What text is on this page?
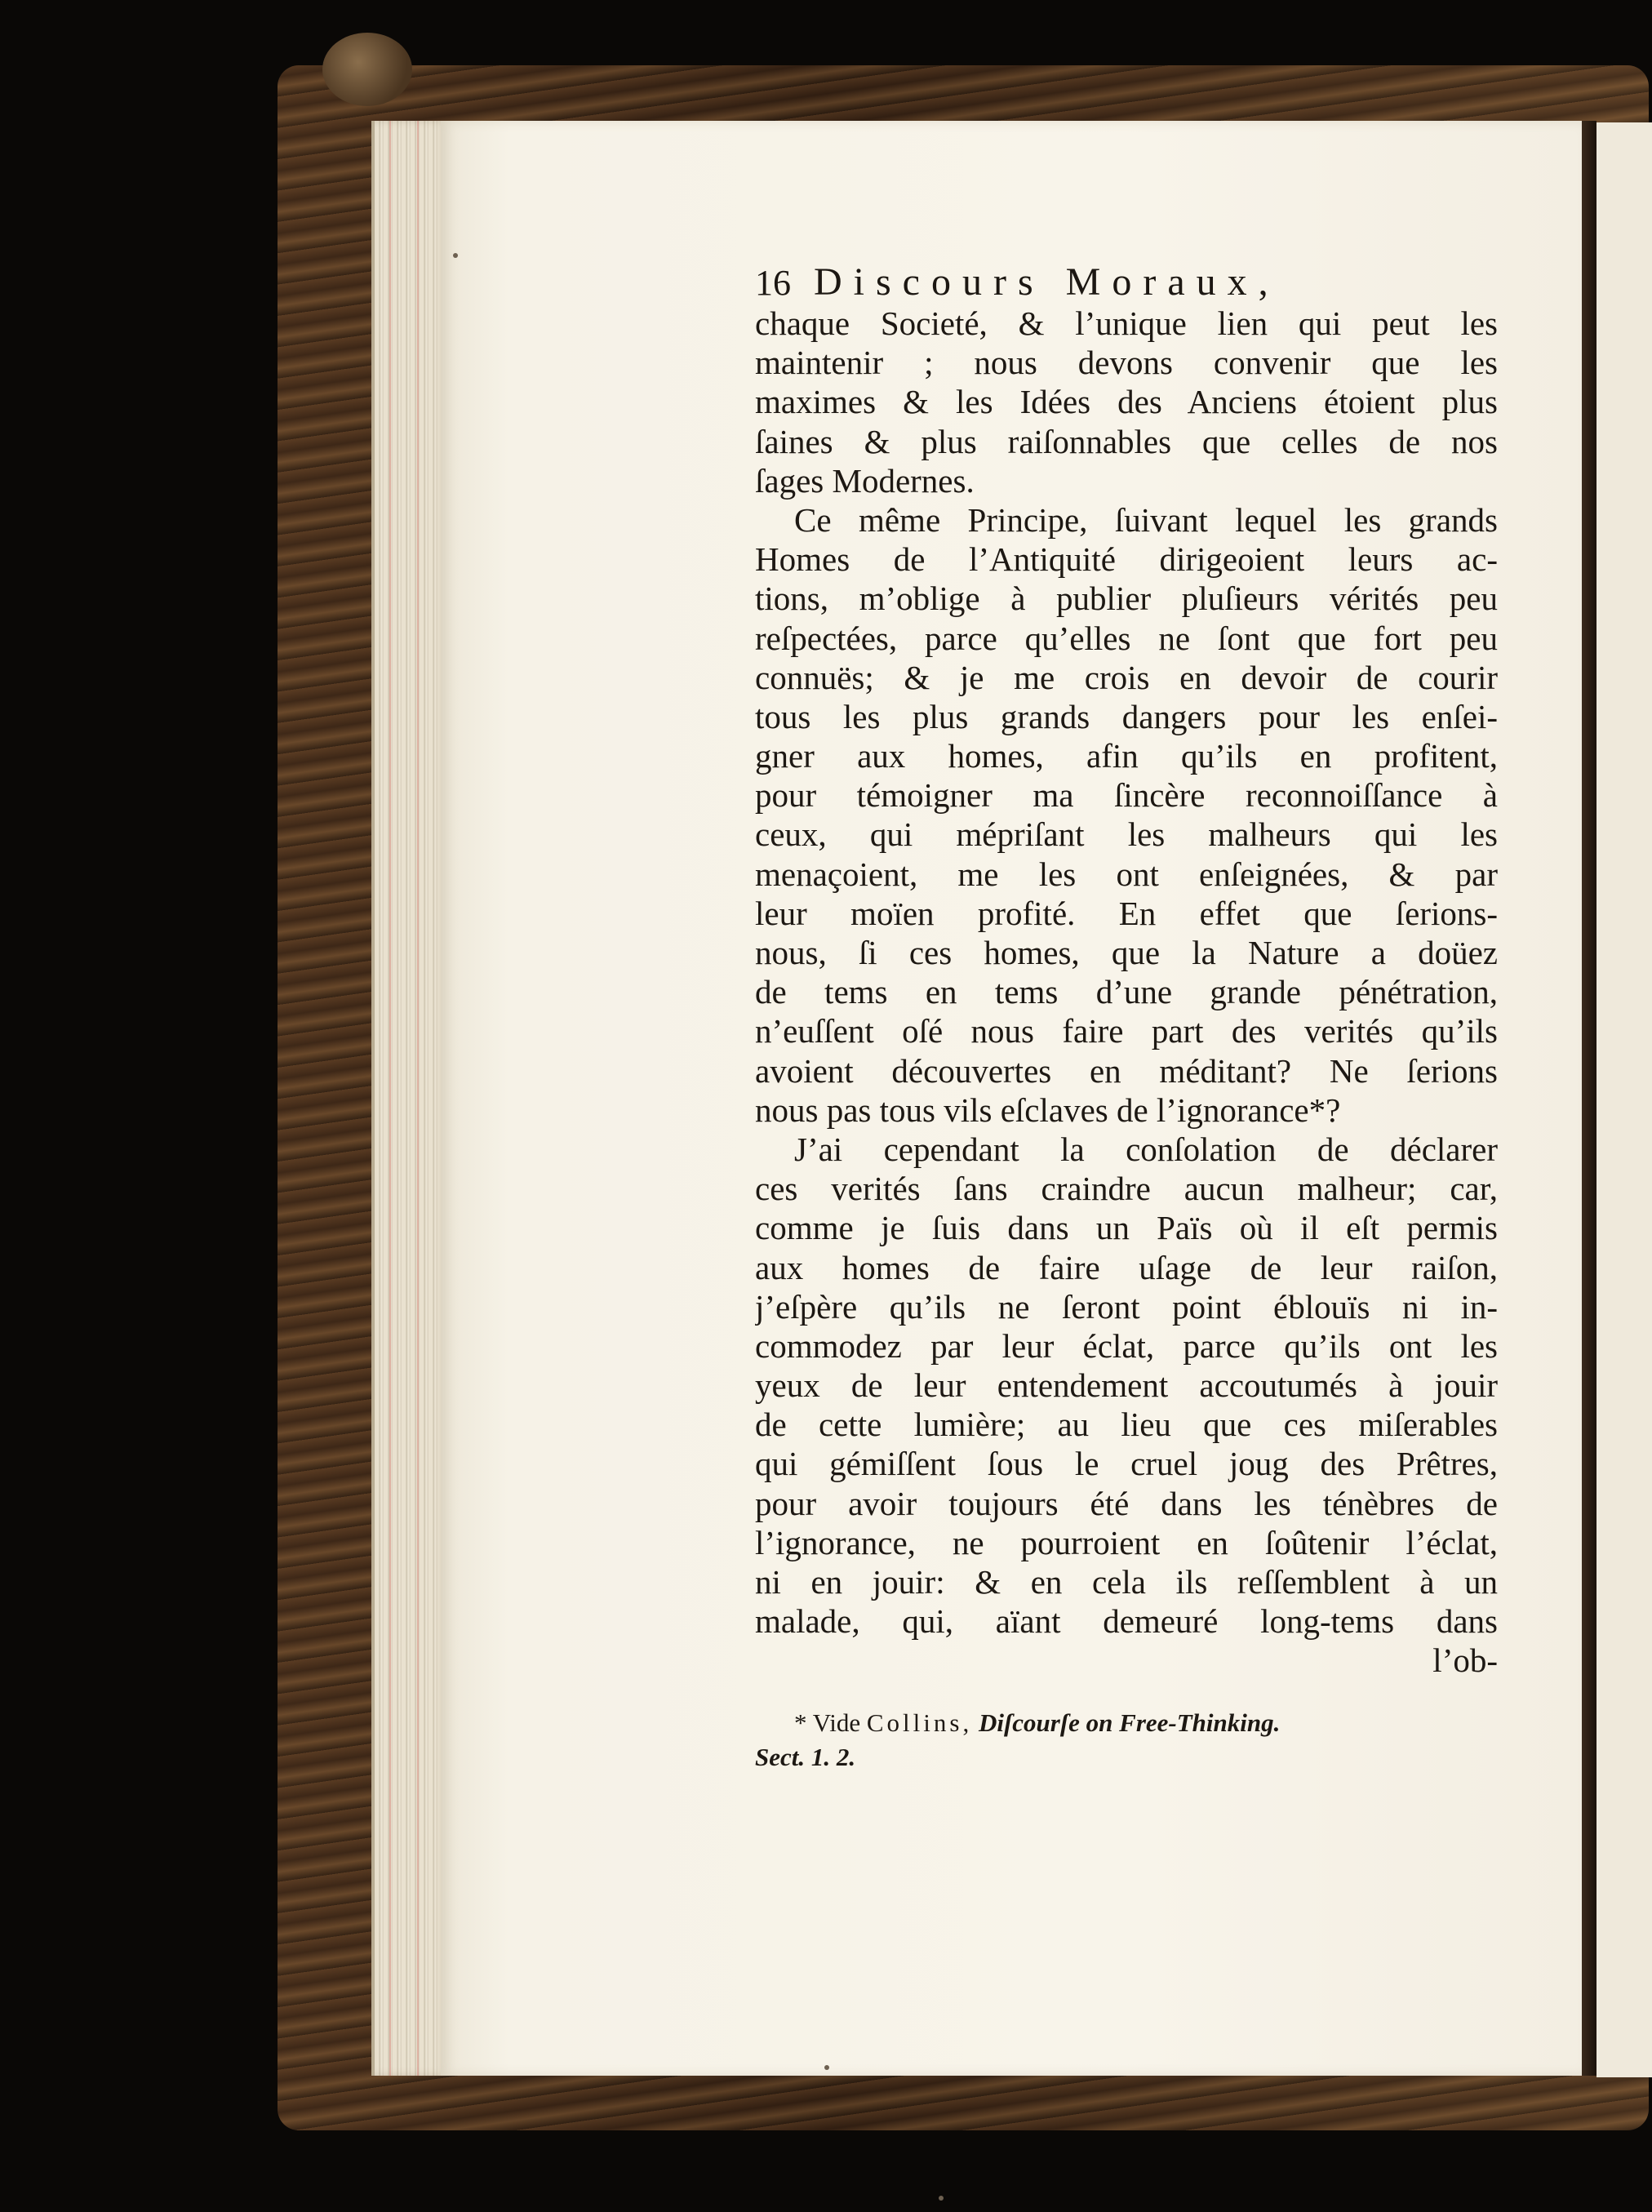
16 Discours Moraux,
chaque Societé, & l’unique lien qui peut les
maintenir ; nous devons convenir que les
maximes & les Idées des Anciens étoient plus
ſaines & plus raiſonnables que celles de nos
ſages Modernes.
Ce même Principe, ſuivant lequel les grands
Homes de l’Antiquité dirigeoient leurs ac-
tions, m’oblige à publier pluſieurs vérités peu
reſpectées, parce qu’elles ne ſont que fort peu
connuës; & je me crois en devoir de courir
tous les plus grands dangers pour les enſei-
gner aux homes, afin qu’ils en profitent,
pour témoigner ma ſincère reconnoiſſance à
ceux, qui mépriſant les malheurs qui les
menaçoient, me les ont enſeignées, & par
leur moïen profité. En effet que ſerions-
nous, ſi ces homes, que la Nature a doüez
de tems en tems d’une grande pénétration,
n’euſſent oſé nous faire part des verités qu’ils
avoient découvertes en méditant? Ne ſerions
nous pas tous vils eſclaves de l’ignorance*?
J’ai cependant la conſolation de déclarer
ces verités ſans craindre aucun malheur; car,
comme je ſuis dans un Païs où il eſt permis
aux homes de faire uſage de leur raiſon,
j’eſpère qu’ils ne ſeront point éblouïs ni in-
commodez par leur éclat, parce qu’ils ont les
yeux de leur entendement accoutumés à jouir
de cette lumière; au lieu que ces miſerables
qui gémiſſent ſous le cruel joug des Prêtres,
pour avoir toujours été dans les ténèbres de
l’ignorance, ne pourroient en ſoûtenir l’éclat,
ni en jouir: & en cela ils reſſemblent à un
malade, qui, aïant demeuré long-tems dans
l’ob-
* Vide Collins, Diſcourſe on Free-Thinking.
Sect. 1. 2.
